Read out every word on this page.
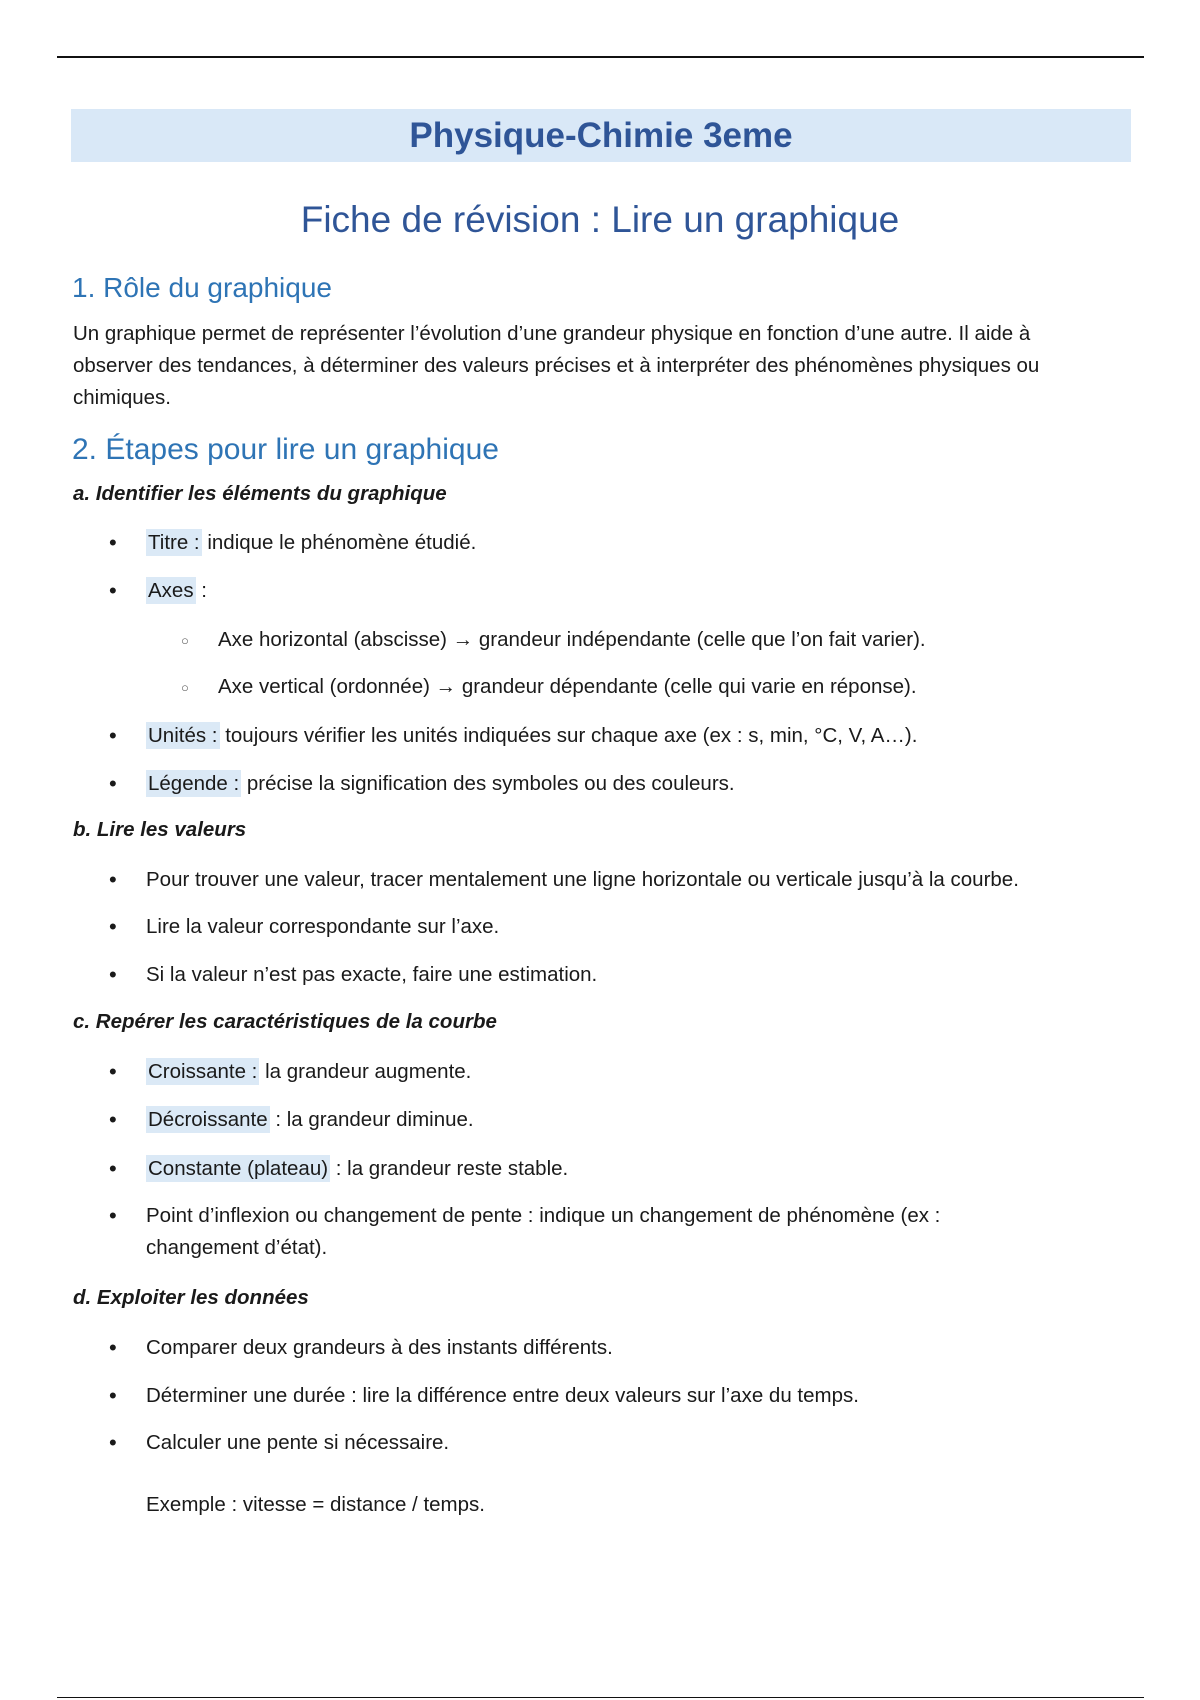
Physique-Chimie 3eme
Fiche de révision : Lire un graphique
1. Rôle du graphique

Un graphique permet de représenter l’évolution d’une grandeur physique en fonction d’une autre. Il aide à
observer des tendances, à déterminer des valeurs précises et à interpréter des phénomènes physiques ou
chimiques.

2. Étapes pour lire un graphique

a. Identifier les éléments du graphique

• Titre : indique le phénomène étudié.

• Axes :

○ Axe horizontal (abscisse) → grandeur indépendante (celle que l’on fait varier).

○ Axe vertical (ordonnée) → grandeur dépendante (celle qui varie en réponse).

• Unités : toujours vérifier les unités indiquées sur chaque axe (ex : s, min, °C, V, A…).

• Légende : précise la signification des symboles ou des couleurs.

b. Lire les valeurs

• Pour trouver une valeur, tracer mentalement une ligne horizontale ou verticale jusqu’à la courbe.

• Lire la valeur correspondante sur l’axe.

• Si la valeur n’est pas exacte, faire une estimation.

c. Repérer les caractéristiques de la courbe

• Croissante : la grandeur augmente.

• Décroissante : la grandeur diminue.

• Constante (plateau) : la grandeur reste stable.

• Point d’inflexion ou changement de pente : indique un changement de phénomène (ex :
changement d’état).

d. Exploiter les données

• Comparer deux grandeurs à des instants différents.

• Déterminer une durée : lire la différence entre deux valeurs sur l’axe du temps.

• Calculer une pente si nécessaire.

Exemple : vitesse = distance / temps.
